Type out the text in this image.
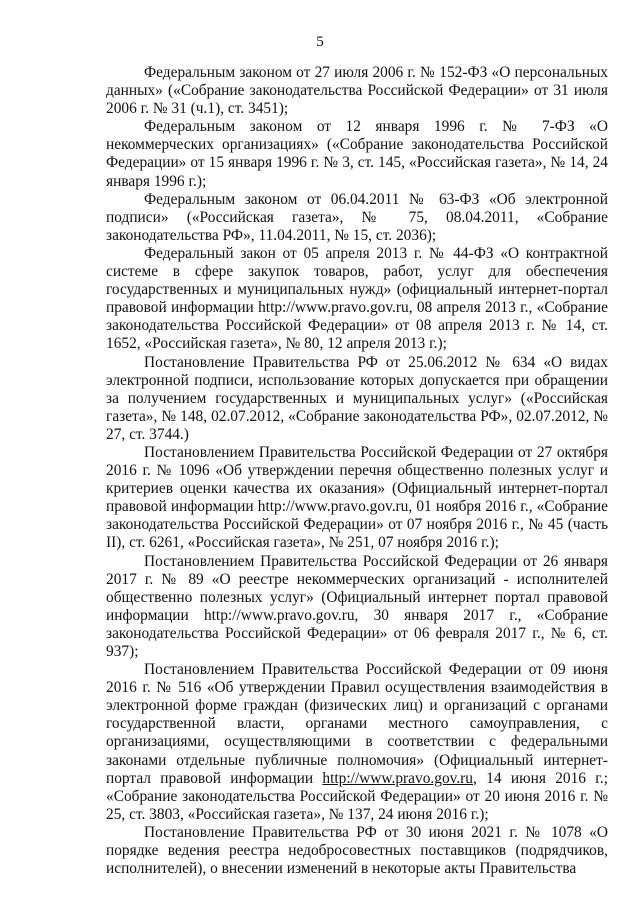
5

Федеральным законом от 27 июля 2006 г. № 152-ФЗ «О персональных данных» («Собрание законодательства Российской Федерации» от 31 июля 2006 г. № 31 (ч.1), ст. 3451);

Федеральным законом от 12 января 1996 г. № 7-ФЗ «О некоммерческих организациях» («Собрание законодательства Российской Федерации» от 15 января 1996 г. № 3, ст. 145, «Российская газета», № 14, 24 января 1996 г.);

Федеральным законом от 06.04.2011 № 63-ФЗ «Об электронной подписи» («Российская газета», № 75, 08.04.2011, «Собрание законодательства РФ», 11.04.2011, № 15, ст. 2036);

Федеральный закон от 05 апреля 2013 г. № 44-ФЗ «О контрактной системе в сфере закупок товаров, работ, услуг для обеспечения государственных и муниципальных нужд» (официальный интернет-портал правовой информации http://www.pravo.gov.ru, 08 апреля 2013 г., «Собрание законодательства Российской Федерации» от 08 апреля 2013 г. № 14, ст. 1652, «Российская газета», № 80, 12 апреля 2013 г.);

Постановление Правительства РФ от 25.06.2012 № 634 «О видах электронной подписи, использование которых допускается при обращении за получением государственных и муниципальных услуг» («Российская газета», № 148, 02.07.2012, «Собрание законодательства РФ», 02.07.2012, № 27, ст. 3744.)

Постановлением Правительства Российской Федерации от 27 октября 2016 г. № 1096 «Об утверждении перечня общественно полезных услуг и критериев оценки качества их оказания» (Официальный интернет-портал правовой информации http://www.pravo.gov.ru, 01 ноября 2016 г., «Собрание законодательства Российской Федерации» от 07 ноября 2016 г., № 45 (часть II), ст. 6261, «Российская газета», № 251, 07 ноября 2016 г.);

Постановлением Правительства Российской Федерации от 26 января 2017 г. № 89 «О реестре некоммерческих организаций - исполнителей общественно полезных услуг» (Официальный интернет портал правовой информации http://www.pravo.gov.ru, 30 января 2017 г., «Собрание законодательства Российской Федерации» от 06 февраля 2017 г., № 6, ст. 937);

Постановлением Правительства Российской Федерации от 09 июня 2016 г. № 516 «Об утверждении Правил осуществления взаимодействия в электронной форме граждан (физических лиц) и организаций с органами государственной власти, органами местного самоуправления, с организациями, осуществляющими в соответствии с федеральными законами отдельные публичные полномочия» (Официальный интернет-портал правовой информации http://www.pravo.gov.ru, 14 июня 2016 г.; «Собрание законодательства Российской Федерации» от 20 июня 2016 г. № 25, ст. 3803, «Российская газета», № 137, 24 июня 2016 г.);

Постановление Правительства РФ от 30 июня 2021 г. № 1078 «О порядке ведения реестра недобросовестных поставщиков (подрядчиков, исполнителей), о внесении изменений в некоторые акты Правительства
